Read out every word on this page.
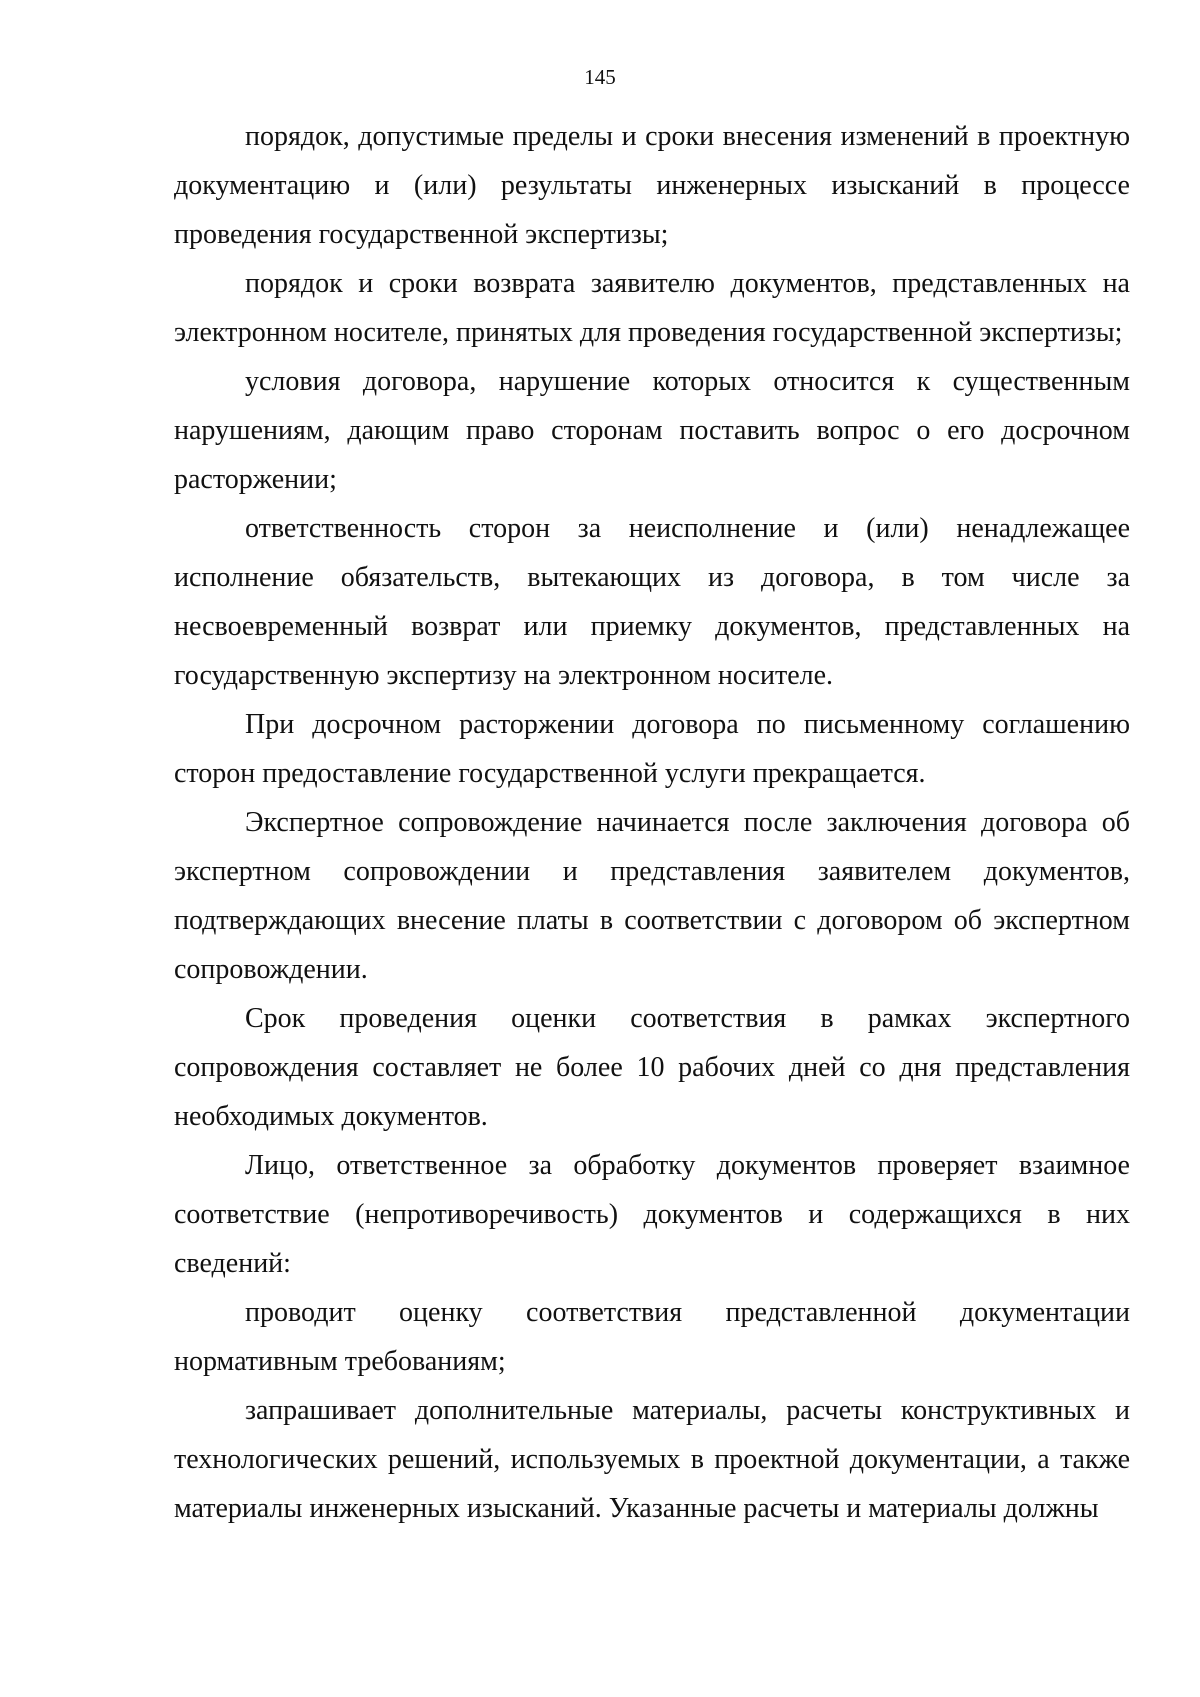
145

порядок, допустимые пределы и сроки внесения изменений в проектную документацию и (или) результаты инженерных изысканий в процессе проведения государственной экспертизы;

порядок и сроки возврата заявителю документов, представленных на электронном носителе, принятых для проведения государственной экспертизы;

условия договора, нарушение которых относится к существенным нарушениям, дающим право сторонам поставить вопрос о его досрочном расторжении;

ответственность сторон за неисполнение и (или) ненадлежащее исполнение обязательств, вытекающих из договора, в том числе за несвоевременный возврат или приемку документов, представленных на государственную экспертизу на электронном носителе.

При досрочном расторжении договора по письменному соглашению сторон предоставление государственной услуги прекращается.

Экспертное сопровождение начинается после заключения договора об экспертном сопровождении и представления заявителем документов, подтверждающих внесение платы в соответствии с договором об экспертном сопровождении.

Срок проведения оценки соответствия в рамках экспертного сопровождения составляет не более 10 рабочих дней со дня представления необходимых документов.

Лицо, ответственное за обработку документов проверяет взаимное соответствие (непротиворечивость) документов и содержащихся в них сведений:

проводит оценку соответствия представленной документации нормативным требованиям;

запрашивает дополнительные материалы, расчеты конструктивных и технологических решений, используемых в проектной документации, а также материалы инженерных изысканий. Указанные расчеты и материалы должны
